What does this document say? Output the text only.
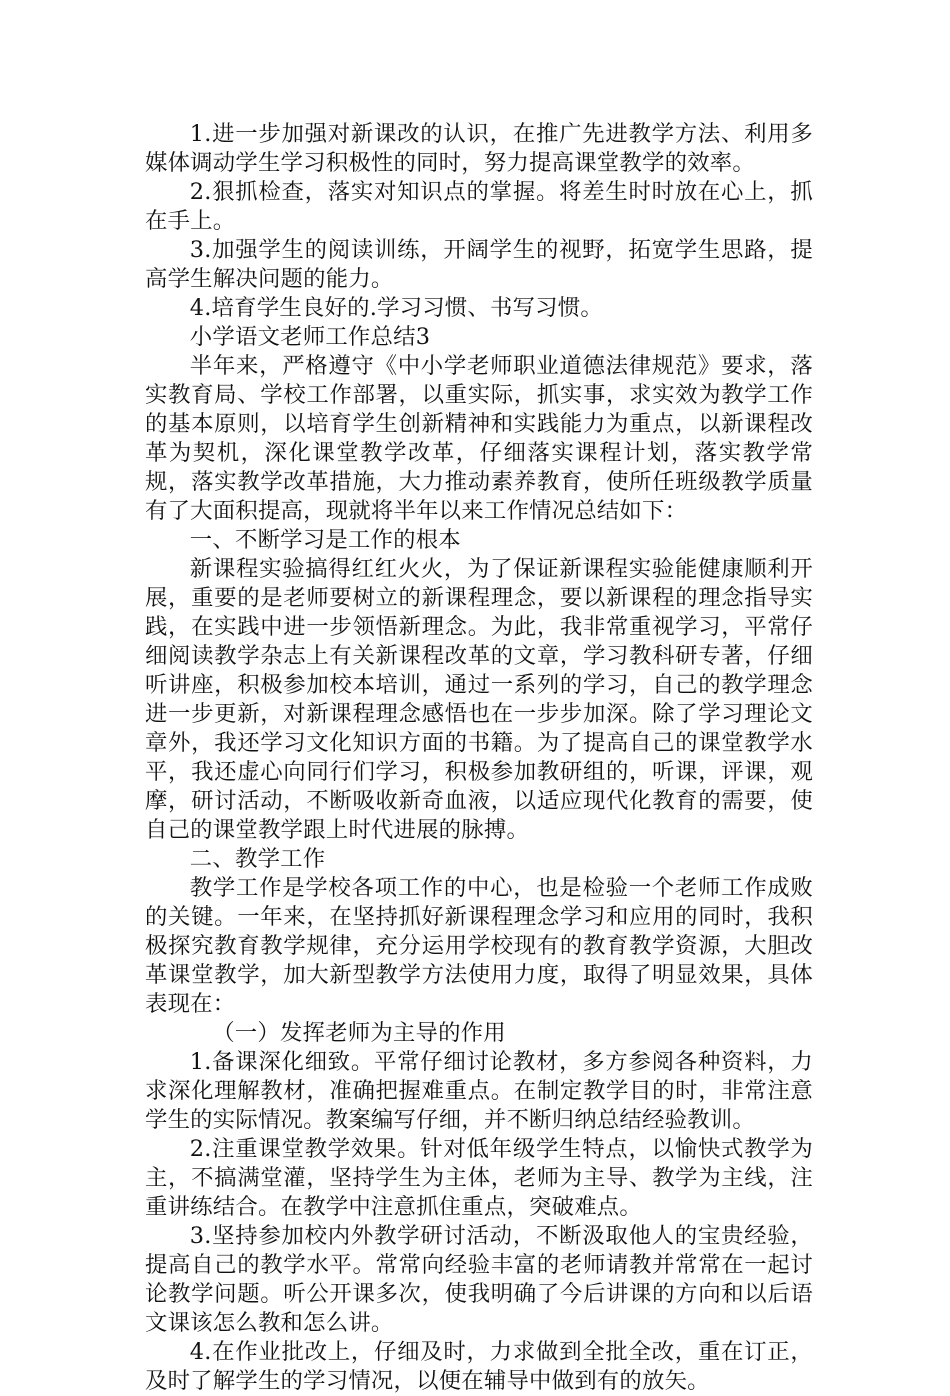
1.进一步加强对新课改的认识，在推广先进教学方法、利用多媒体调动学生学习积极性的同时，努力提高课堂教学的效率。

2.狠抓检查，落实对知识点的掌握。将差生时时放在心上，抓在手上。

3.加强学生的阅读训练，开阔学生的视野，拓宽学生思路，提高学生解决问题的能力。

4.培育学生良好的.学习习惯、书写习惯。

小学语文老师工作总结3

半年来，严格遵守《中小学老师职业道德法律规范》要求，落实教育局、学校工作部署，以重实际，抓实事，求实效为教学工作的基本原则，以培育学生创新精神和实践能力为重点，以新课程改革为契机，深化课堂教学改革，仔细落实课程计划，落实教学常规，落实教学改革措施，大力推动素养教育，使所任班级教学质量有了大面积提高，现就将半年以来工作情况总结如下：

一、不断学习是工作的根本

新课程实验搞得红红火火，为了保证新课程实验能健康顺利开展，重要的是老师要树立的新课程理念，要以新课程的理念指导实践，在实践中进一步领悟新理念。为此，我非常重视学习，平常仔细阅读教学杂志上有关新课程改革的文章，学习教科研专著，仔细听讲座，积极参加校本培训，通过一系列的学习，自己的教学理念进一步更新，对新课程理念感悟也在一步步加深。除了学习理论文章外，我还学习文化知识方面的书籍。为了提高自己的课堂教学水平，我还虚心向同行们学习，积极参加教研组的，听课，评课，观摩，研讨活动，不断吸收新奇血液，以适应现代化教育的需要，使自己的课堂教学跟上时代进展的脉搏。

二、教学工作

教学工作是学校各项工作的中心，也是检验一个老师工作成败的关键。一年来，在坚持抓好新课程理念学习和应用的同时，我积极探究教育教学规律，充分运用学校现有的教育教学资源，大胆改革课堂教学，加大新型教学方法使用力度，取得了明显效果，具体表现在：

（一）发挥老师为主导的作用

1.备课深化细致。平常仔细讨论教材，多方参阅各种资料，力求深化理解教材，准确把握难重点。在制定教学目的时，非常注意学生的实际情况。教案编写仔细，并不断归纳总结经验教训。

2.注重课堂教学效果。针对低年级学生特点，以愉快式教学为主，不搞满堂灌，坚持学生为主体，老师为主导、教学为主线，注重讲练结合。在教学中注意抓住重点，突破难点。

3.坚持参加校内外教学研讨活动，不断汲取他人的宝贵经验，提高自己的教学水平。常常向经验丰富的老师请教并常常在一起讨论教学问题。听公开课多次，使我明确了今后讲课的方向和以后语文课该怎么教和怎么讲。

4.在作业批改上，仔细及时，力求做到全批全改，重在订正，及时了解学生的学习情况，以便在辅导中做到有的放矢。
